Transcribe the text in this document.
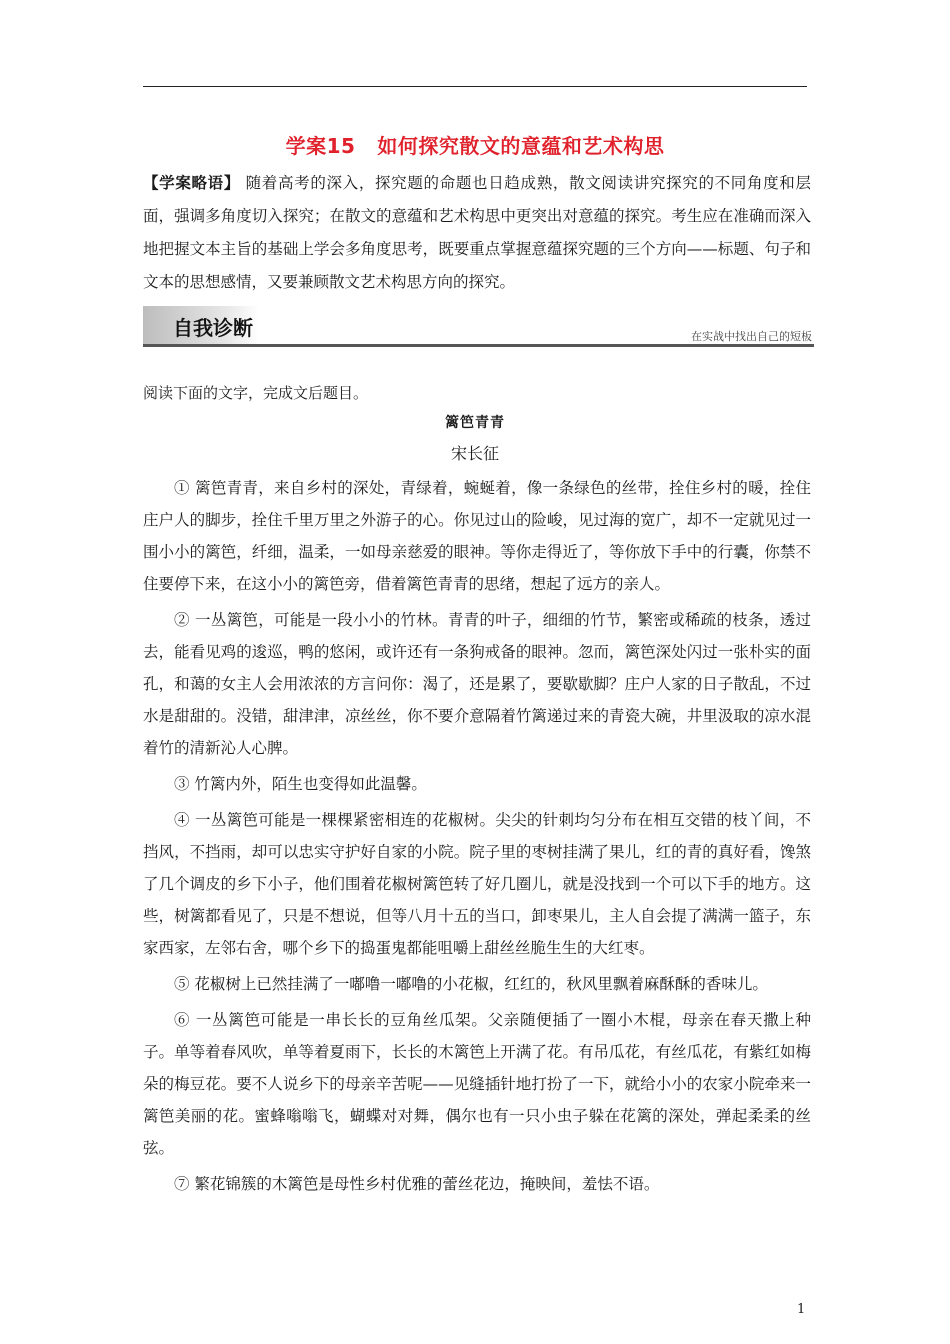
学案15 如何探究散文的意蕴和艺术构思
【学案略语】 随着高考的深入，探究题的命题也日趋成熟，散文阅读讲究探究的不同角度和层面，强调多角度切入探究；在散文的意蕴和艺术构思中更突出对意蕴的探究。考生应在准确而深入地把握文本主旨的基础上学会多角度思考，既要重点掌握意蕴探究题的三个方向——标题、句子和文本的思想感情，又要兼顾散文艺术构思方向的探究。
自我诊断	在实战中找出自己的短板
阅读下面的文字，完成文后题目。
篱笆青青
宋长征

① 篱笆青青，来自乡村的深处，青绿着，蜿蜒着，像一条绿色的丝带，拴住乡村的暖，拴住庄户人的脚步，拴住千里万里之外游子的心。你见过山的险峻，见过海的宽广，却不一定就见过一围小小的篱笆，纤细，温柔，一如母亲慈爱的眼神。等你走得近了，等你放下手中的行囊，你禁不住要停下来，在这小小的篱笆旁，借着篱笆青青的思绪，想起了远方的亲人。

② 一丛篱笆，可能是一段小小的竹林。青青的叶子，细细的竹节，繁密或稀疏的枝条，透过去，能看见鸡的逡巡，鸭的悠闲，或许还有一条狗戒备的眼神。忽而，篱笆深处闪过一张朴实的面孔，和蔼的女主人会用浓浓的方言问你：渴了，还是累了，要歇歇脚？庄户人家的日子散乱，不过水是甜甜的。没错，甜津津，凉丝丝，你不要介意隔着竹篱递过来的青瓷大碗，井里汲取的凉水混着竹的清新沁人心脾。

③ 竹篱内外，陌生也变得如此温馨。

④ 一丛篱笆可能是一棵棵紧密相连的花椒树。尖尖的针刺均匀分布在相互交错的枝丫间，不挡风，不挡雨，却可以忠实守护好自家的小院。院子里的枣树挂满了果儿，红的青的真好看，馋煞了几个调皮的乡下小子，他们围着花椒树篱笆转了好几圈儿，就是没找到一个可以下手的地方。这些，树篱都看见了，只是不想说，但等八月十五的当口，卸枣果儿，主人自会提了满满一篮子，东家西家，左邻右舍，哪个乡下的捣蛋鬼都能咀嚼上甜丝丝脆生生的大红枣。

⑤ 花椒树上已然挂满了一嘟噜一嘟噜的小花椒，红红的，秋风里飘着麻酥酥的香味儿。

⑥ 一丛篱笆可能是一串长长的豆角丝瓜架。父亲随便插了一圈小木棍，母亲在春天撒上种子。单等着春风吹，单等着夏雨下，长长的木篱笆上开满了花。有吊瓜花，有丝瓜花，有紫红如梅朵的梅豆花。要不人说乡下的母亲辛苦呢——见缝插针地打扮了一下，就给小小的农家小院牵来一篱笆美丽的花。蜜蜂嗡嗡飞，蝴蝶对对舞，偶尔也有一只小虫子躲在花篱的深处，弹起柔柔的丝弦。

⑦ 繁花锦簇的木篱笆是母性乡村优雅的蕾丝花边，掩映间，羞怯不语。

1
